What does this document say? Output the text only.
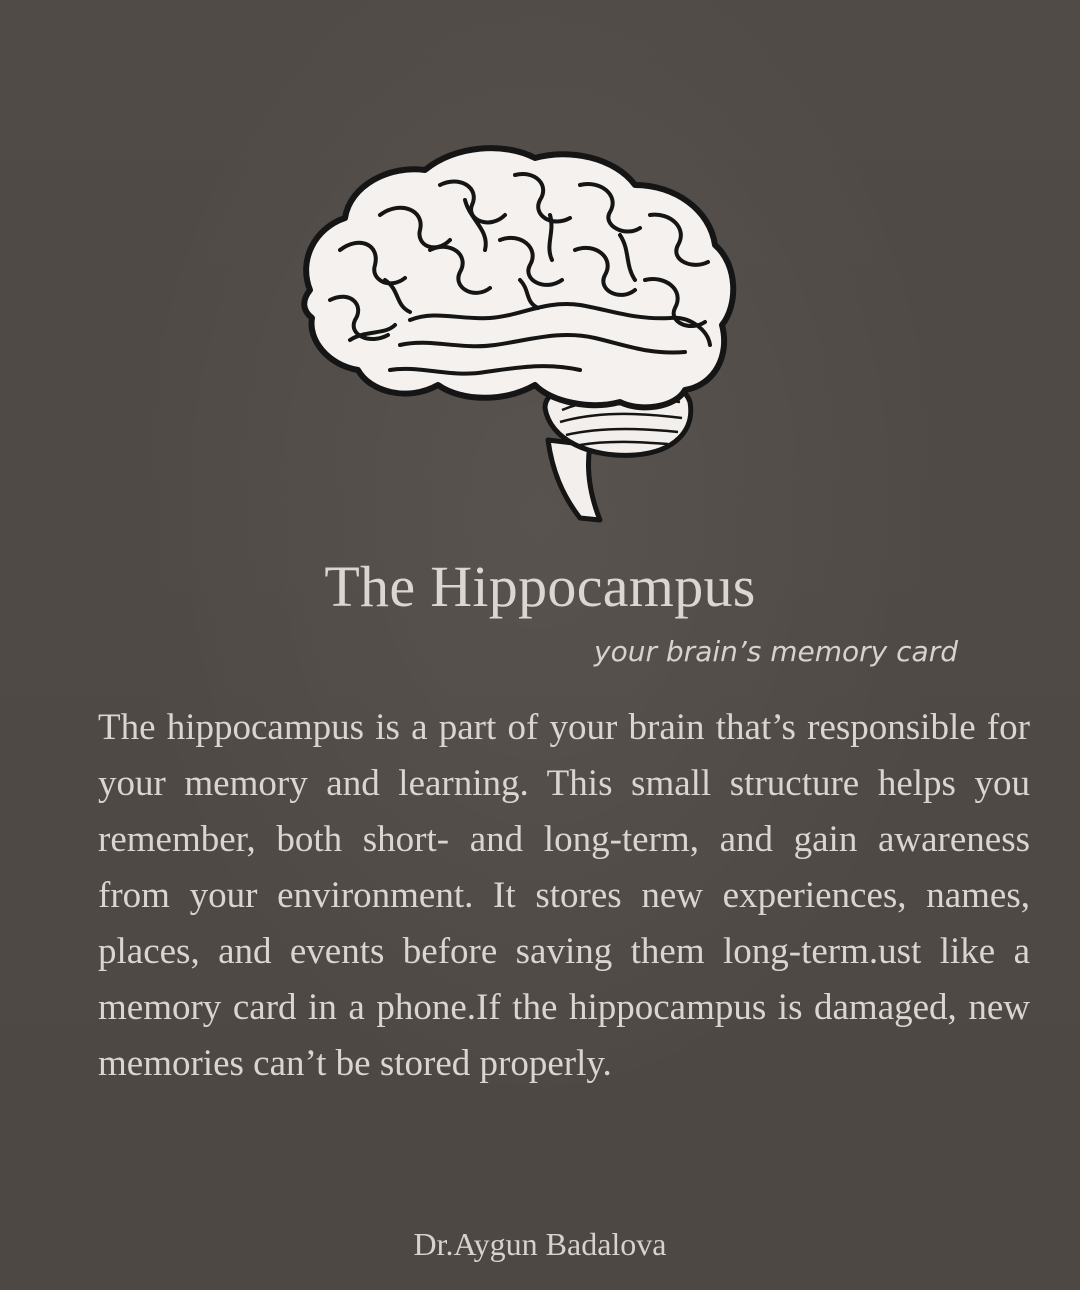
The Hippocampus

your brain’s memory card

The hippocampus is a part of your brain that’s responsible for your memory and learning. This small structure helps you remember, both short- and long-term, and gain awareness from your environment. It stores new experiences, names, places, and events before saving them long-term.ust like a memory card in a phone.If the hippocampus is damaged, new memories can’t be stored properly.

Dr.Aygun Badalova
